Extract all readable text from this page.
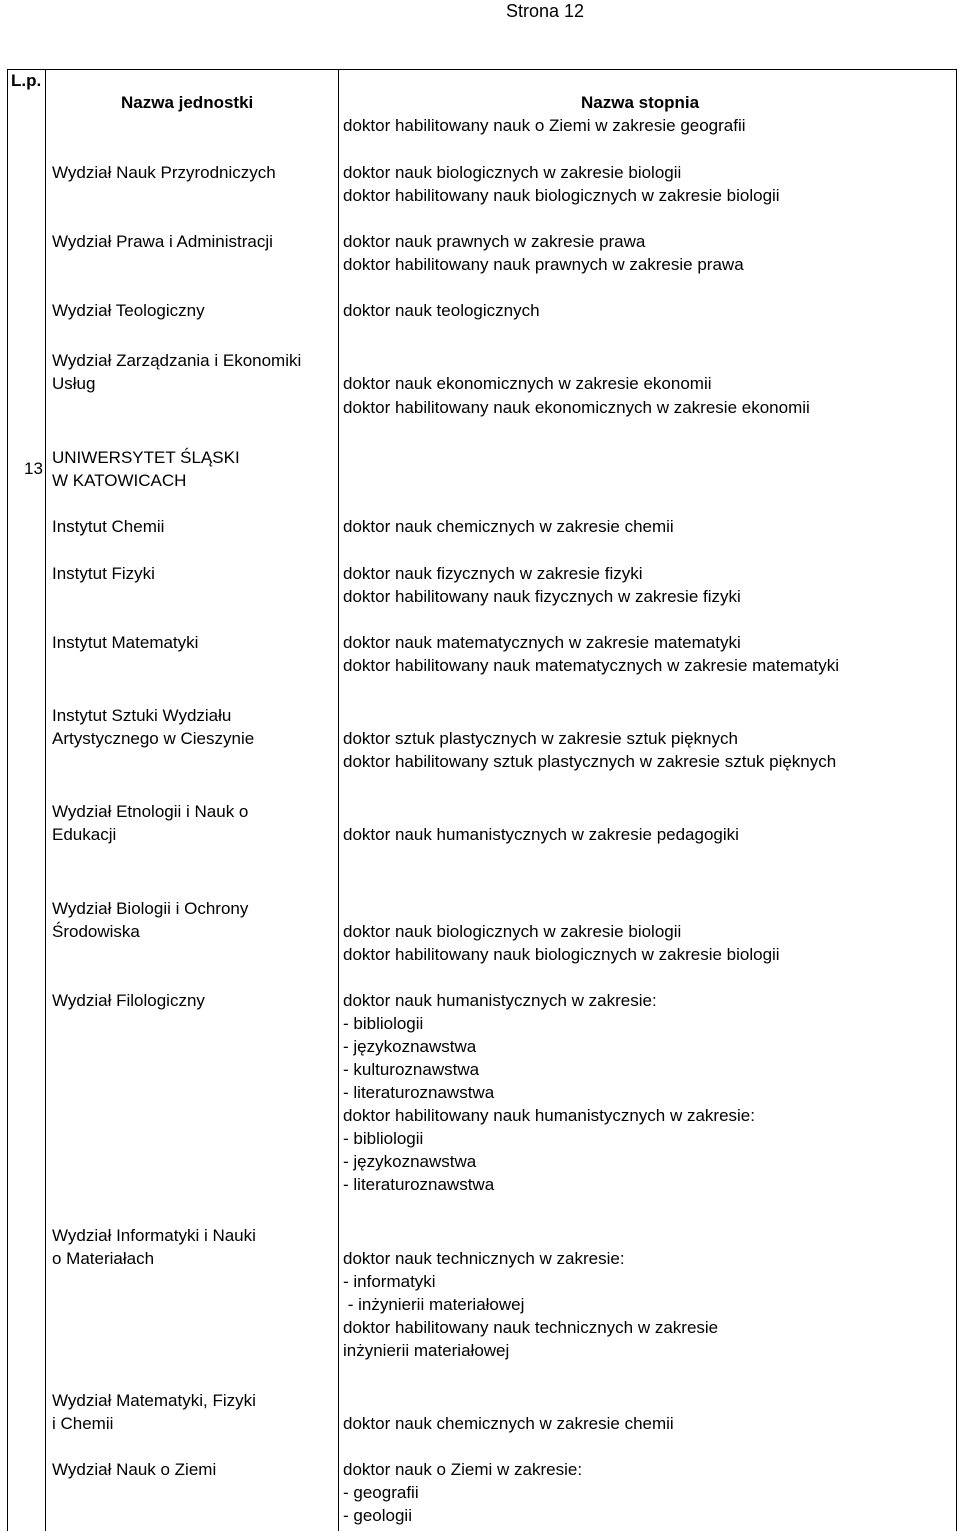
Strona 12
L.p.
Nazwa jednostki	Nazwa stopnia
doktor habilitowany nauk o Ziemi w zakresie geografii
13
UNIWERSYTET ŚLĄSKI
W KATOWICACH
Wydział Nauk Przyrodniczych	doktor nauk biologicznych w zakresie biologii
doktor habilitowany nauk biologicznych w zakresie biologii
Wydział Prawa i Administracji	doktor nauk prawnych w zakresie prawa
doktor habilitowany nauk prawnych w zakresie prawa
Wydział Teologiczny	doktor nauk teologicznych
Wydział Zarządzania i Ekonomiki
Usług	doktor nauk ekonomicznych w zakresie ekonomii
doktor habilitowany nauk ekonomicznych w zakresie ekonomii
Instytut Chemii	doktor nauk chemicznych w zakresie chemii
Instytut Fizyki	doktor nauk fizycznych w zakresie fizyki
doktor habilitowany nauk fizycznych w zakresie fizyki
Instytut Matematyki	doktor nauk matematycznych w zakresie matematyki
doktor habilitowany nauk matematycznych w zakresie matematyki
Instytut Sztuki Wydziału
Artystycznego w Cieszynie	doktor sztuk plastycznych w zakresie sztuk pięknych
doktor habilitowany sztuk plastycznych w zakresie sztuk pięknych
Wydział Etnologii i Nauk o
Edukacji	doktor nauk humanistycznych w zakresie pedagogiki
Wydział Biologii i Ochrony
Środowiska	doktor nauk biologicznych w zakresie biologii
doktor habilitowany nauk biologicznych w zakresie biologii
Wydział Filologiczny	doktor nauk humanistycznych w zakresie:
- bibliologii
- językoznawstwa
- kulturoznawstwa
- literaturoznawstwa
doktor habilitowany nauk humanistycznych w zakresie:
- bibliologii
- językoznawstwa
- literaturoznawstwa
Wydział Informatyki i Nauki
o Materiałach	doktor nauk technicznych w zakresie:
- informatyki
- inżynierii materiałowej
doktor habilitowany nauk technicznych w zakresie
inżynierii materiałowej
Wydział Matematyki, Fizyki
i Chemii	doktor nauk chemicznych w zakresie chemii
Wydział Nauk o Ziemi	doktor nauk o Ziemi w zakresie:
- geografii
- geologii
